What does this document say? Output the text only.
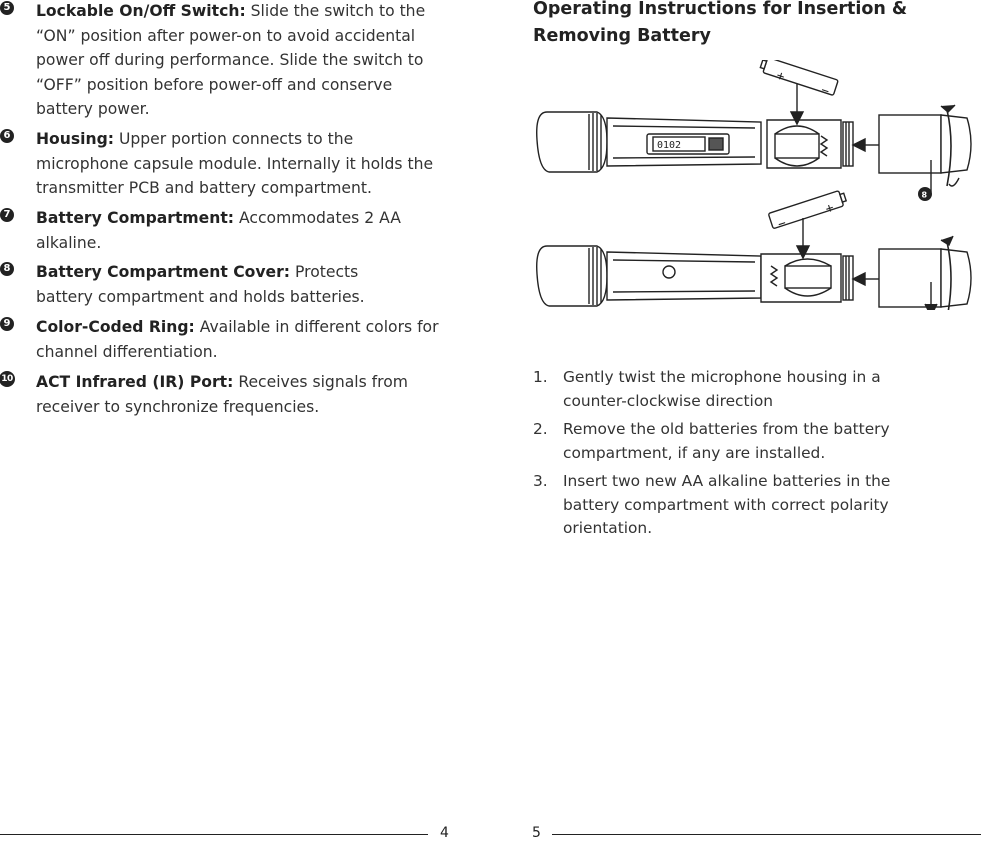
5 Lockable On/Off Switch: Slide the switch to the “ON” position after power-on to avoid accidental power off during performance. Slide the switch to “OFF” position before power-off and conserve battery power.
6 Housing: Upper portion connects to the microphone capsule module. Internally it holds the transmitter PCB and battery compartment.
7 Battery Compartment: Accommodates 2 AA alkaline.
8 Battery Compartment Cover: Protects battery compartment and holds batteries.
9 Color-Coded Ring: Available in different colors for channel differentiation.
10 ACT Infrared (IR) Port: Receives signals from receiver to synchronize frequencies.
Operating Instructions for Insertion & Removing Battery
0102
8
+
−
+
−
1. Gently twist the microphone housing in a counter-clockwise direction
2. Remove the old batteries from the battery compartment, if any are installed.
3. Insert two new AA alkaline batteries in the battery compartment with correct polarity orientation.
4	5
